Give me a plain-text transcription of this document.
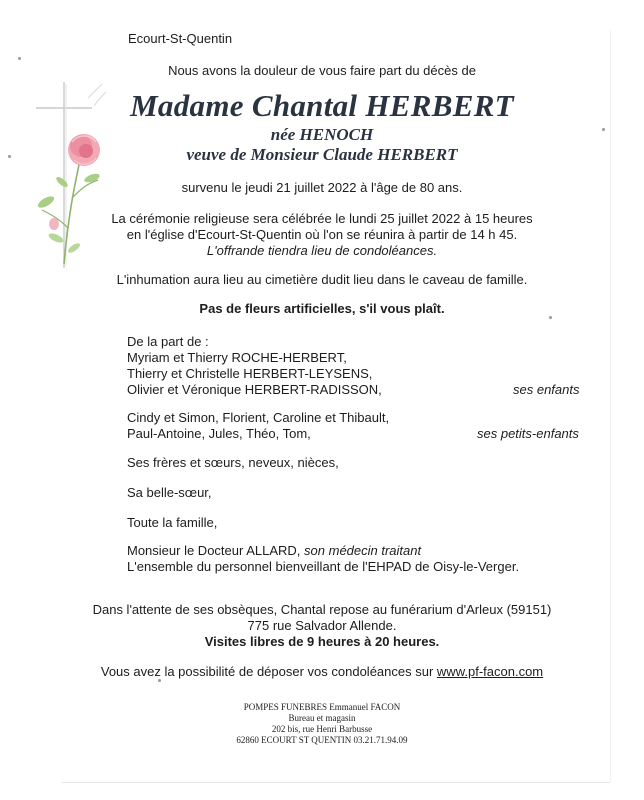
Ecourt-St-Quentin
Nous avons la douleur de vous faire part du décès de
Madame Chantal HERBERT
née HENOCH
veuve de Monsieur Claude HERBERT
survenu le jeudi 21 juillet 2022 à l'âge de 80 ans.
La cérémonie religieuse sera célébrée le lundi 25 juillet 2022 à 15 heures
en l'église d'Ecourt-St-Quentin où l'on se réunira à partir de 14 h 45.
L'offrande tiendra lieu de condoléances.
L'inhumation aura lieu au cimetière dudit lieu dans le caveau de famille.
Pas de fleurs artificielles, s'il vous plaît.
De la part de :
Myriam et Thierry ROCHE-HERBERT,
Thierry et Christelle HERBERT-LEYSENS,
Olivier et Véronique HERBERT-RADISSON,	ses enfants
Cindy et Simon, Florient, Caroline et Thibault,
Paul-Antoine, Jules, Théo, Tom,	ses petits-enfants
Ses frères et sœurs, neveux, nièces,
Sa belle-sœur,
Toute la famille,
Monsieur le Docteur ALLARD, son médecin traitant
L'ensemble du personnel bienveillant de l'EHPAD de Oisy-le-Verger.
Dans l'attente de ses obsèques, Chantal repose au funérarium d'Arleux (59151)
775 rue Salvador Allende.
Visites libres de 9 heures à 20 heures.
Vous avez la possibilité de déposer vos condoléances sur www.pf-facon.com
POMPES FUNEBRES Emmanuel FACON
Bureau et magasin
202 bis, rue Henri Barbusse
62860 ECOURT ST QUENTIN 03.21.71.94.09
